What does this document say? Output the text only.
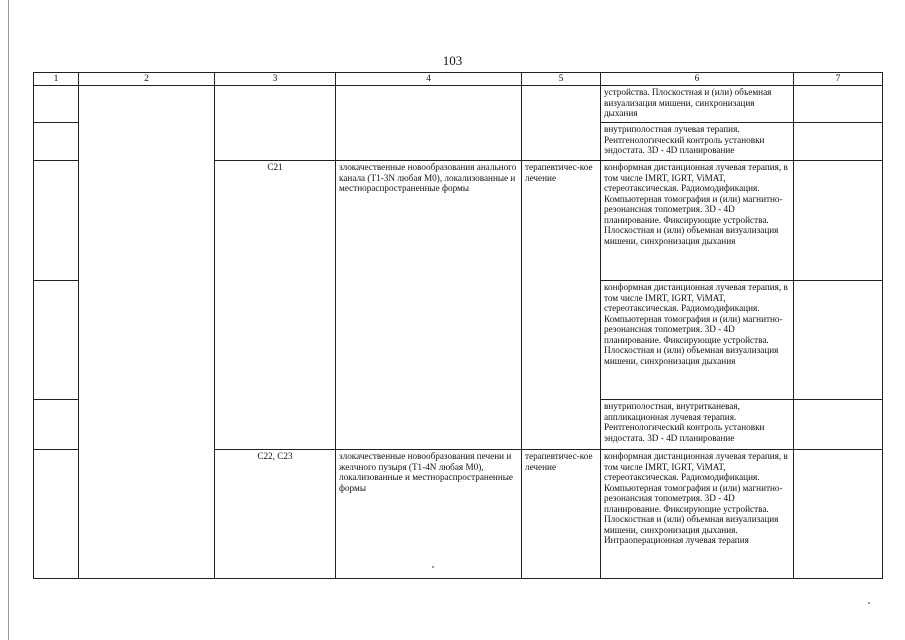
103
1	2	3	4	5	6	7
					устройства. Плоскостная и (или) объемная визуализация мишени, синхронизация дыхания	
					внутриполостная лучевая терапия. Рентгенологический контроль установки эндостата. 3D - 4D планирование	
		C21	злокачественные новообразования анального канала (T1-3N любая M0), локализованные и местнораспространенные формы	терапевтичес-кое лечение	конформная дистанционная лучевая терапия, в том числе IMRT, IGRT, ViMAT, стереотаксическая. Радиомодификация. Компьютерная томография и (или) магнитно-резонансная топометрия. 3D - 4D планирование. Фиксирующие устройства. Плоскостная и (или) объемная визуализация мишени, синхронизация дыхания	
					конформная дистанционная лучевая терапия, в том числе IMRT, IGRT, ViMAT, стереотаксическая. Радиомодификация. Компьютерная томография и (или) магнитно-резонансная топометрия. 3D - 4D планирование. Фиксирующие устройства. Плоскостная и (или) объемная визуализация мишени, синхронизация дыхания	
					внутриполостная, внутритканевая, аппликационная лучевая терапия. Рентгенологический контроль установки эндостата. 3D - 4D планирование	
		C22, C23	злокачественные новообразования печени и желчного пузыря (T1-4N любая M0), локализованные и местнораспространенные формы	терапевтичес-кое лечение	конформная дистанционная лучевая терапия, в том числе IMRT, IGRT, ViMAT, стереотаксическая. Радиомодификация. Компьютерная томография и (или) магнитно-резонансная топометрия. 3D - 4D планирование. Фиксирующие устройства. Плоскостная и (или) объемная визуализация мишени, синхронизация дыхания. Интраоперационная лучевая терапия	
